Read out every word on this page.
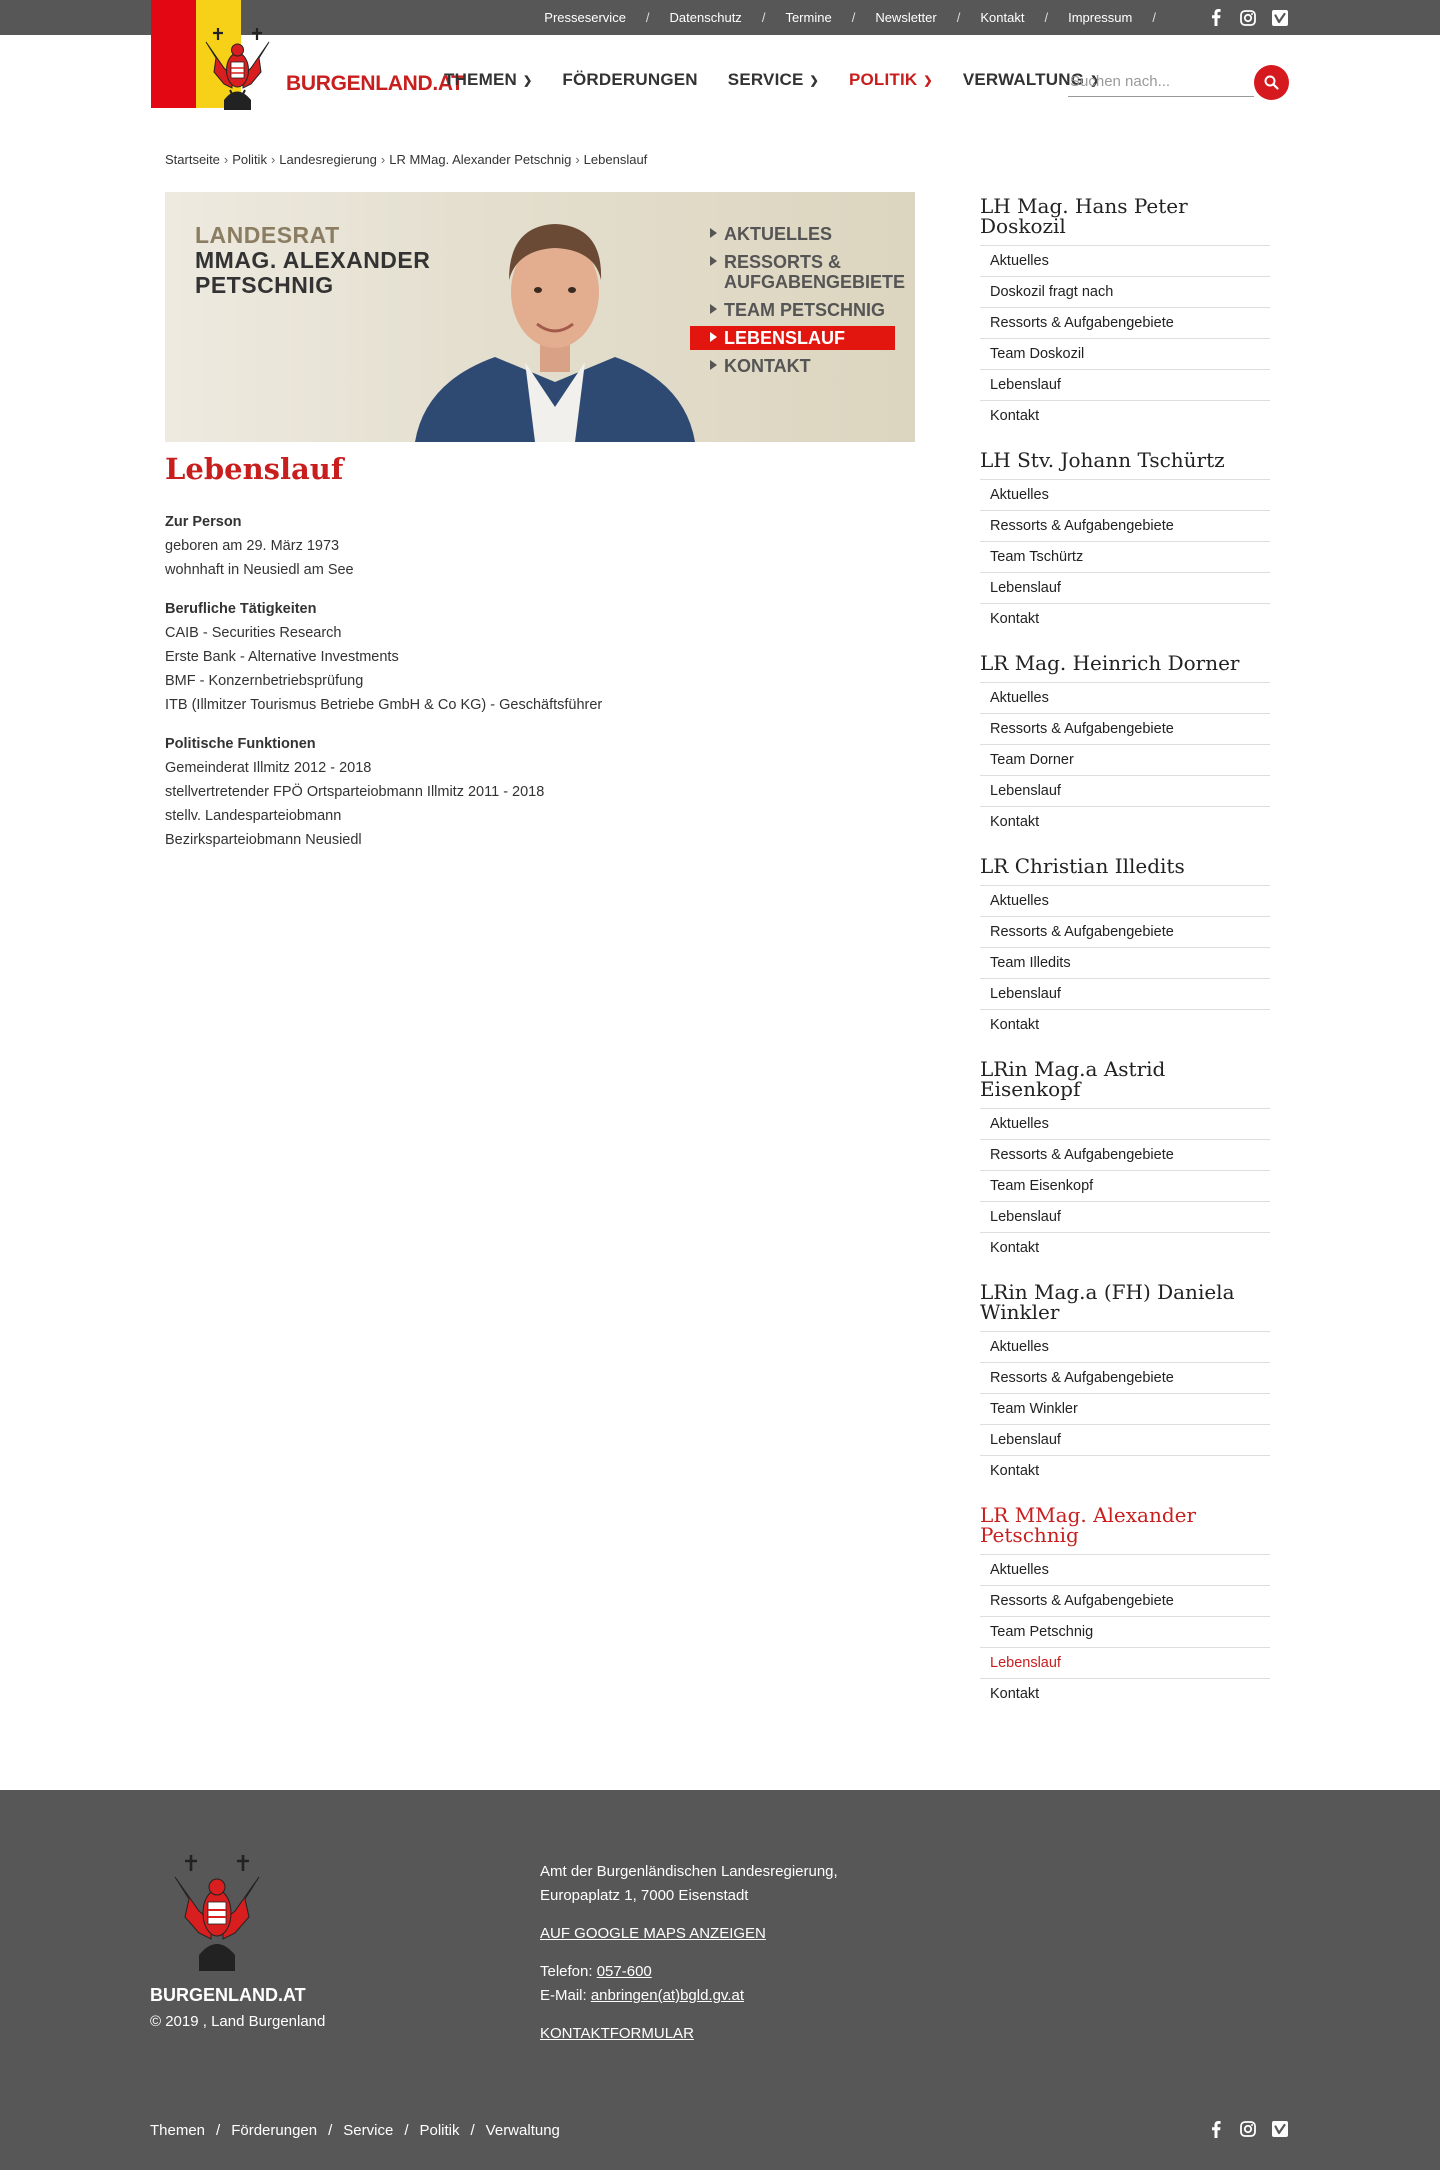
Presseservice	/	Datenschutz	/	Termine	/	Newsletter	/	Kontakt	/	Impressum	/
BURGENLAND.AT
THEMEN ❯ FÖRDERUNGEN SERVICE ❯ POLITIK ❯ VERWALTUNG ❯
Suchen nach...
Startseite › Politik › Landesregierung › LR MMag. Alexander Petschnig › Lebenslauf
LANDESRAT
MMAG. ALEXANDER
PETSCHNIG
AKTUELLES
RESSORTS & AUFGABENGEBIETE
TEAM PETSCHNIG
LEBENSLAUF
KONTAKT
Lebenslauf
Zur Person
geboren am 29. März 1973
wohnhaft in Neusiedl am See
Berufliche Tätigkeiten
CAIB - Securities Research
Erste Bank - Alternative Investments
BMF - Konzernbetriebsprüfung
ITB (Illmitzer Tourismus Betriebe GmbH & Co KG) - Geschäftsführer
Politische Funktionen
Gemeinderat Illmitz 2012 - 2018
stellvertretender FPÖ Ortsparteiobmann Illmitz 2011 - 2018
stellv. Landesparteiobmann
Bezirksparteiobmann Neusiedl
LH Mag. Hans Peter Doskozil
Aktuelles
Doskozil fragt nach
Ressorts & Aufgabengebiete
Team Doskozil
Lebenslauf
Kontakt
LH Stv. Johann Tschürtz
Aktuelles
Ressorts & Aufgabengebiete
Team Tschürtz
Lebenslauf
Kontakt
LR Mag. Heinrich Dorner
Aktuelles
Ressorts & Aufgabengebiete
Team Dorner
Lebenslauf
Kontakt
LR Christian Illedits
Aktuelles
Ressorts & Aufgabengebiete
Team Illedits
Lebenslauf
Kontakt
LRin Mag.a Astrid Eisenkopf
Aktuelles
Ressorts & Aufgabengebiete
Team Eisenkopf
Lebenslauf
Kontakt
LRin Mag.a (FH) Daniela Winkler
Aktuelles
Ressorts & Aufgabengebiete
Team Winkler
Lebenslauf
Kontakt
LR MMag. Alexander Petschnig
Aktuelles
Ressorts & Aufgabengebiete
Team Petschnig
Lebenslauf
Kontakt
BURGENLAND.AT
© 2019 , Land Burgenland
Amt der Burgenländischen Landesregierung,
Europaplatz 1, 7000 Eisenstadt
AUF GOOGLE MAPS ANZEIGEN
Telefon: 057-600
E-Mail: anbringen(at)bgld.gv.at
KONTAKTFORMULAR
Themen / Förderungen / Service / Politik / Verwaltung
